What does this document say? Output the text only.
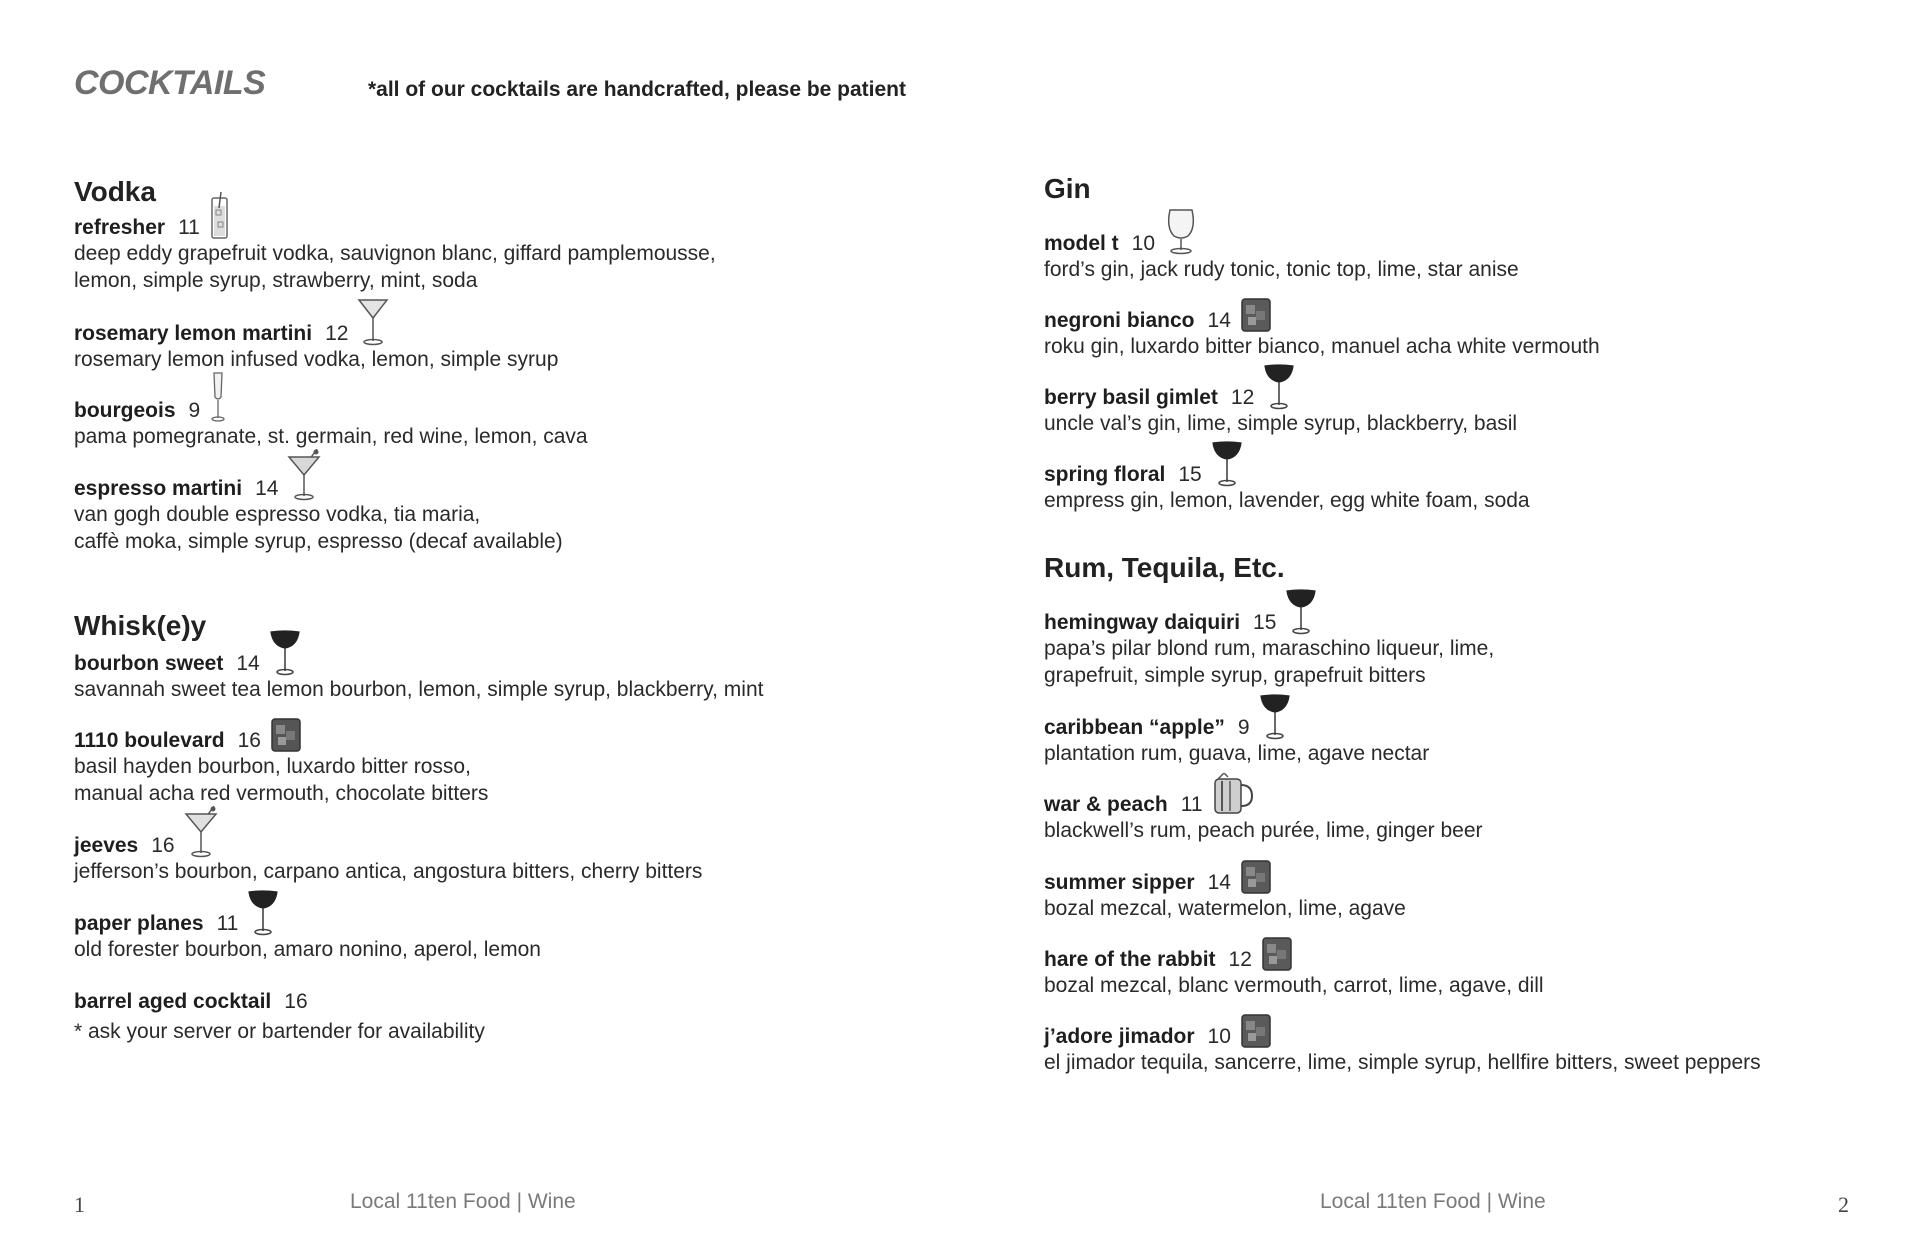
COCKTAILS	*all of our cocktails are handcrafted, please be patient
Vodka
refresher 11
deep eddy grapefruit vodka, sauvignon blanc, giffard pamplemousse,
lemon, simple syrup, strawberry, mint, soda
rosemary lemon martini 12
rosemary lemon infused vodka, lemon, simple syrup
bourgeois 9
pama pomegranate, st. germain, red wine, lemon, cava
espresso martini 14
van gogh double espresso vodka, tia maria,
caffè moka, simple syrup, espresso (decaf available)
Whisk(e)y
bourbon sweet 14
savannah sweet tea lemon bourbon, lemon, simple syrup, blackberry, mint
1110 boulevard 16
basil hayden bourbon, luxardo bitter rosso,
manual acha red vermouth, chocolate bitters
jeeves 16
jefferson’s bourbon, carpano antica, angostura bitters, cherry bitters
paper planes 11
old forester bourbon, amaro nonino, aperol, lemon
barrel aged cocktail 16
* ask your server or bartender for availability
Gin
model t 10
ford’s gin, jack rudy tonic, tonic top, lime, star anise
negroni bianco 14
roku gin, luxardo bitter bianco, manuel acha white vermouth
berry basil gimlet 12
uncle val’s gin, lime, simple syrup, blackberry, basil
spring floral 15
empress gin, lemon, lavender, egg white foam, soda
Rum, Tequila, Etc.
hemingway daiquiri 15
papa’s pilar blond rum, maraschino liqueur, lime,
grapefruit, simple syrup, grapefruit bitters
caribbean “apple” 9
plantation rum, guava, lime, agave nectar
war & peach 11
blackwell’s rum, peach purée, lime, ginger beer
summer sipper 14
bozal mezcal, watermelon, lime, agave
hare of the rabbit 12
bozal mezcal, blanc vermouth, carrot, lime, agave, dill
j’adore jimador 10
el jimador tequila, sancerre, lime, simple syrup, hellfire bitters, sweet peppers
1	Local 11ten Food | Wine	Local 11ten Food | Wine	2
